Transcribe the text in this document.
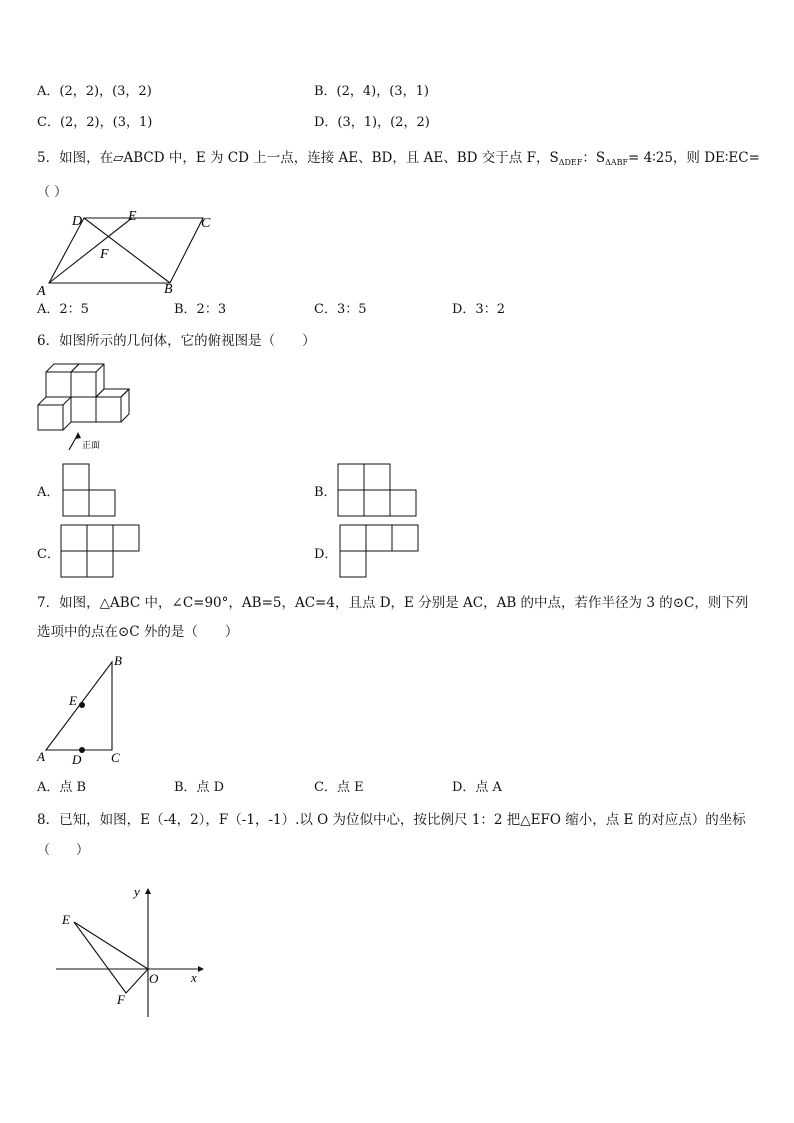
A．(2，2)，(3，2)	B．(2，4)，(3，1)
C．(2，2)，(3，1)	D．(3，1)，(2，2)
5．如图，在▱ABCD 中，E 为 CD 上一点，连接 AE、BD，且 AE、BD 交于点 F，$S_{\Delta DEF}$：$S_{\Delta ABF}=$ 4∶25，则 DE∶EC=
（ ）
D	E	C
F
A	B
A．2：5	B．2：3	C．3：5	D．3：2
6．如图所示的几何体，它的俯视图是（　　）
正面
A．	B．
C．	D．
7．如图，△ABC 中，∠C=90°，AB=5，AC=4，且点 D，E 分别是 AC，AB 的中点，若作半径为 3 的⊙C，则下列
选项中的点在⊙C 外的是（　　）
B
E
A D C
A．点 B	B．点 D	C．点 E	D．点 A
8．已知，如图，E（-4，2），F（-1，-1）.以 O 为位似中心，按比例尺 1：2 把△EFO 缩小，点 E 的对应点）的坐标
（　　）
y
E
O	x
F
